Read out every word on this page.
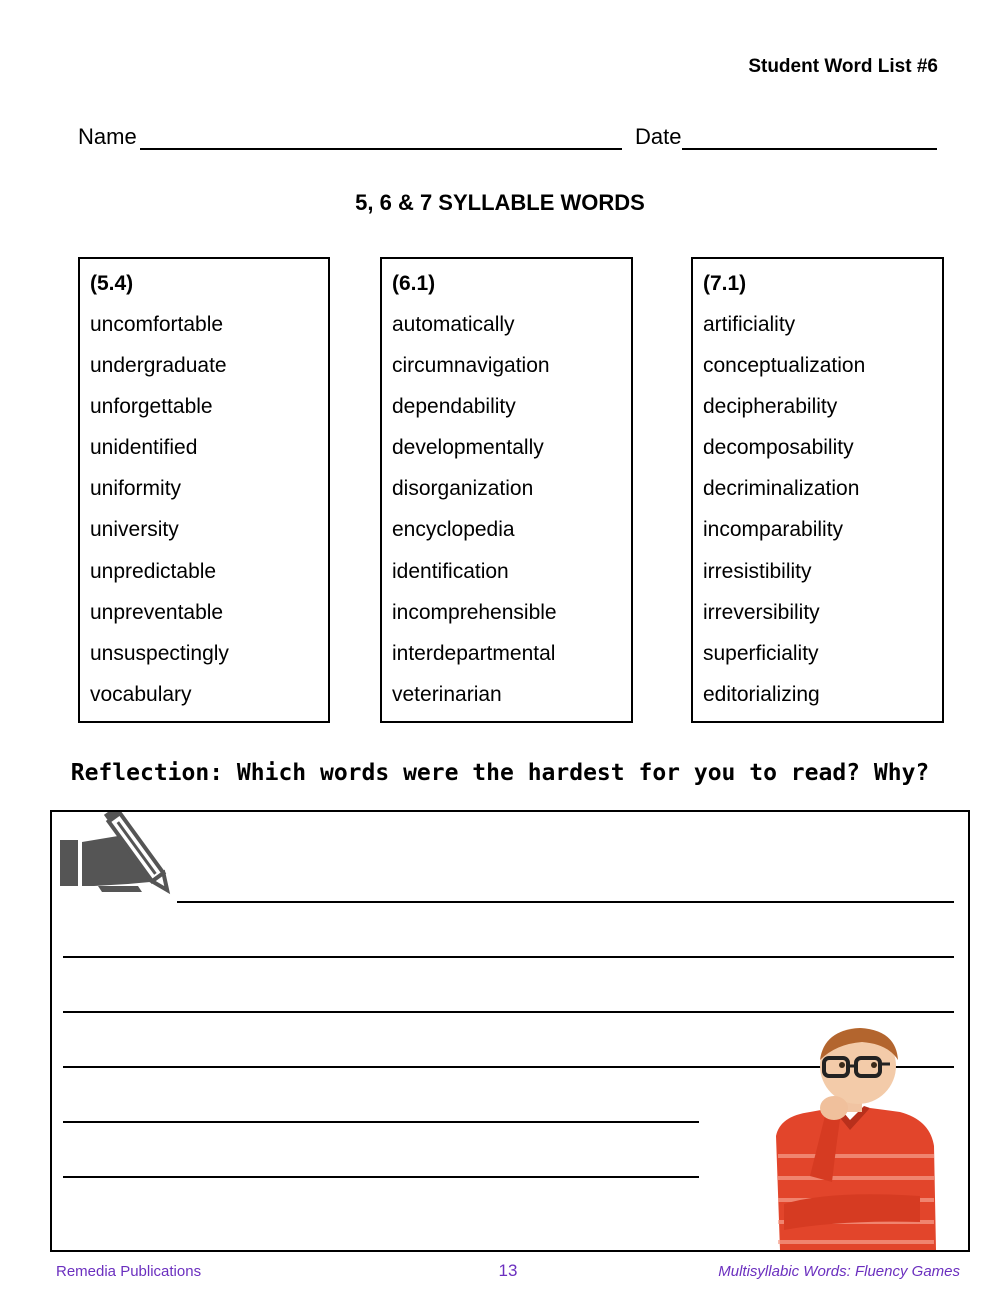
Student Word List #6
Name	Date
5, 6 & 7 SYLLABLE WORDS
(5.4)
uncomfortable
undergraduate
unforgettable
unidentified
uniformity
university
unpredictable
unpreventable
unsuspectingly
vocabulary
(6.1)
automatically
circumnavigation
dependability
developmentally
disorganization
encyclopedia
identification
incomprehensible
interdepartmental
veterinarian
(7.1)
artificiality
conceptualization
decipherability
decomposability
decriminalization
incomparability
irresistibility
irreversibility
superficiality
editorializing
Reflection: Which words were the hardest for you to read? Why?
Remedia Publications	13	Multisyllabic Words: Fluency Games
